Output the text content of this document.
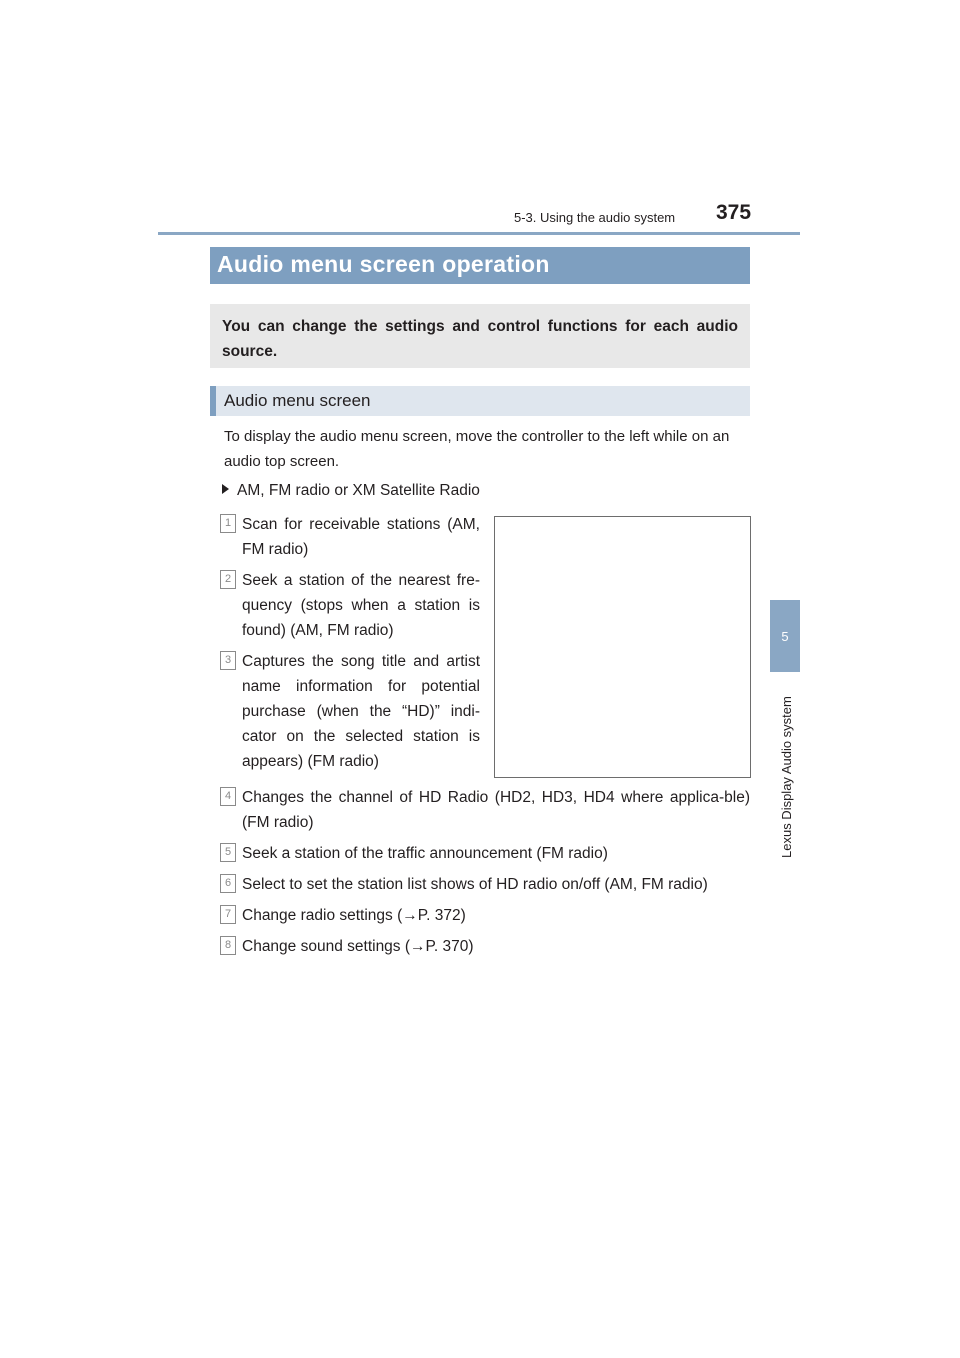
5-3. Using the audio system 375
5
Lexus Display Audio system
Audio menu screen operation
You can change the settings and control functions for each audio source.
Audio menu screen
To display the audio menu screen, move the controller to the left while on an audio top screen.
AM, FM radio or XM Satellite Radio
1 Scan for receivable stations (AM, FM radio)
2 Seek a station of the nearest fre-quency (stops when a station is found) (AM, FM radio)
3 Captures the song title and artist name information for potential purchase (when the “HD)” indi-cator on the selected station is appears) (FM radio)
4 Changes the channel of HD Radio (HD2, HD3, HD4 where applica-ble) (FM radio)
5 Seek a station of the traffic announcement (FM radio)
6 Select to set the station list shows of HD radio on/off (AM, FM radio)
7 Change radio settings (→P. 372)
8 Change sound settings (→P. 370)
